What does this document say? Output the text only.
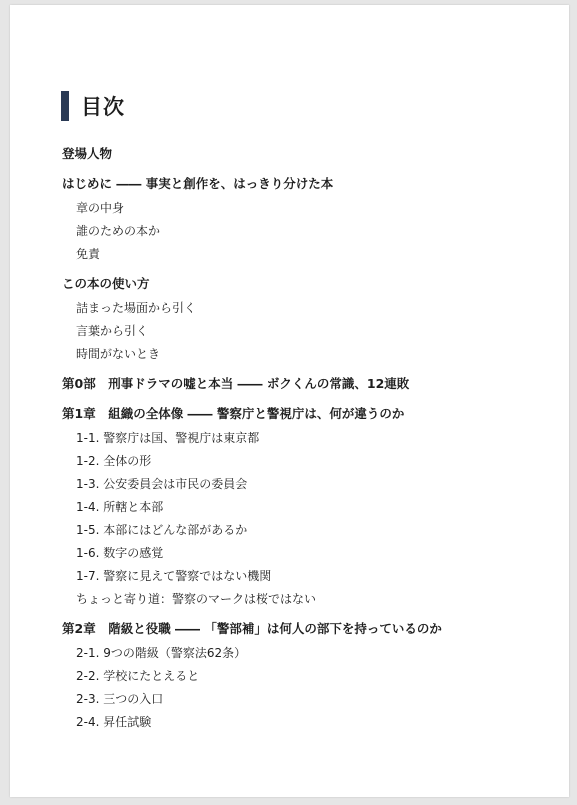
目次
登場人物
はじめに ―― 事実と創作を、はっきり分けた本
章の中身
誰のための本か
免責
この本の使い方
詰まった場面から引く
言葉から引く
時間がないとき
第0部　刑事ドラマの嘘と本当 ―― ボクくんの常識、12連敗
第1章　組織の全体像 ―― 警察庁と警視庁は、何が違うのか
1-1. 警察庁は国、警視庁は東京都
1-2. 全体の形
1-3. 公安委員会は市民の委員会
1-4. 所轄と本部
1-5. 本部にはどんな部があるか
1-6. 数字の感覚
1-7. 警察に見えて警察ではない機関
ちょっと寄り道：警察のマークは桜ではない
第2章　階級と役職 ―― 「警部補」は何人の部下を持っているのか
2-1. 9つの階級（警察法62条）
2-2. 学校にたとえると
2-3. 三つの入口
2-4. 昇任試験
